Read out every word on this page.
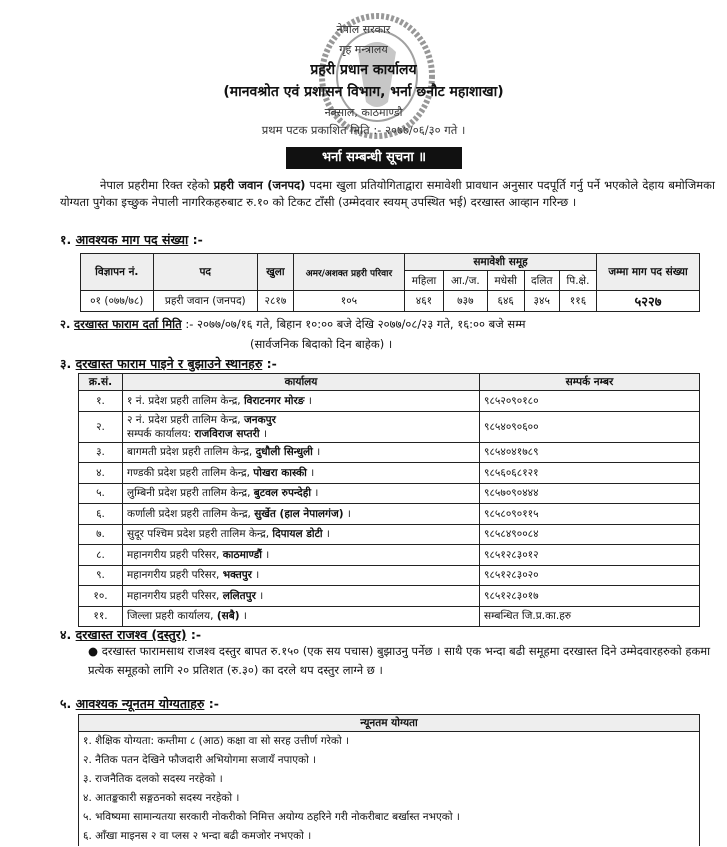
नेपाल सरकार
गृह मन्त्रालय
प्रहरी प्रधान कार्यालय
(मानवश्रोत एवं प्रशासन विभाग, भर्ना छनौट महाशाखा)
नक्साल, काठमाण्डौ
प्रथम पटक प्रकाशित मिति :- २०७७/०६/३० गते ।
भर्ना सम्बन्धी सूचना ॥
नेपाल प्रहरीमा रिक्त रहेको प्रहरी जवान (जनपद) पदमा खुला प्रतियोगिताद्वारा समावेशी प्रावधान अनुसार पदपूर्ति गर्नु पर्ने भएकोले देहाय बमोजिमका योग्यता पुगेका इच्छुक नेपाली नागरिकहरुबाट रु.१० को टिकट टाँसी (उम्मेदवार स्वयम् उपस्थित भई) दरखास्त आव्हान गरिन्छ ।
१. आवश्यक माग पद संख्या :-
विज्ञापन नं.	पद	खुला	अमर/अशक्त प्रहरी परिवार	समावेशी समूह					जम्मा माग पद संख्या
				महिला	आ./ज.	मधेसी	दलित	पि.क्षे.	
०१ (०७७/७८)	प्रहरी जवान (जनपद)	२८१७	१०५	४६१	७३७	६४६	३४५	११६	५२२७
२. दरखास्त फाराम दर्ता मिति :- २०७७/०७/१६ गते, बिहान १०:०० बजे देखि २०७७/०८/२३ गते, १६:०० बजे सम्म
(सार्वजनिक बिदाको दिन बाहेक) ।
३. दरखास्त फाराम पाइने र बुझाउने स्थानहरु :-
क्र.सं.	कार्यालय	सम्पर्क नम्बर
१.	१ नं. प्रदेश प्रहरी तालिम केन्द्र, विराटनगर मोरङ ।	९८५२०९०१८०
२.	२ नं. प्रदेश प्रहरी तालिम केन्द्र, जनकपुर
सम्पर्क कार्यालय: राजविराज सप्तरी ।	९८५४०९०६००
३.	बागमती प्रदेश प्रहरी तालिम केन्द्र, दुधौली सिन्धुली ।	९८५४०४१७८९
४.	गण्डकी प्रदेश प्रहरी तालिम केन्द्र, पोखरा कास्की ।	९८५६०६८१२१
५.	लुम्बिनी प्रदेश प्रहरी तालिम केन्द्र, बुटवल रुपन्देही ।	९८५७०९०४४४
६.	कर्णाली प्रदेश प्रहरी तालिम केन्द्र, सुर्खेत (हाल नेपालगंज) ।	९८५८०९०११५
७.	सुदूर पश्चिम प्रदेश प्रहरी तालिम केन्द्र, दिपायल डोटी ।	९८५८४९००८४
८.	महानगरीय प्रहरी परिसर, काठमाण्डौं ।	९८५१२८३०१२
९.	महानगरीय प्रहरी परिसर, भक्तपुर ।	९८५१२८३०२०
१०.	महानगरीय प्रहरी परिसर, ललितपुर ।	९८५१२८३०१७
११.	जिल्ला प्रहरी कार्यालय, (सबै) ।	सम्बन्धित जि.प्र.का.हरु
४. दरखास्त राजश्व (दस्तुर) :-
● दरखास्त फारामसाथ राजश्व दस्तुर बापत रु.१५० (एक सय पचास) बुझाउनु पर्नेछ । साथै एक भन्दा बढी समूहमा दरखास्त दिने उम्मेदवारहरुको हकमा प्रत्येक समूहको लागि २० प्रतिशत (रु.३०) का दरले थप दस्तुर लाग्ने छ ।
५. आवश्यक न्यूनतम योग्यताहरु :-
न्यूनतम योग्यता
१. शैक्षिक योग्यता: कम्तीमा ८ (आठ) कक्षा वा सो सरह उत्तीर्ण गरेको ।
२. नैतिक पतन देखिने फौजदारी अभियोगमा सजायँ नपाएको ।
३. राजनैतिक दलको सदस्य नरहेको ।
४. आतङ्ककारी सङ्गठनको सदस्य नरहेको ।
५. भविष्यमा सामान्यतया सरकारी नोकरीको निमित्त अयोग्य ठहरिने गरी नोकरीबाट बर्खास्त नभएको ।
६. आँखा माइनस २ वा प्लस २ भन्दा बढी कमजोर नभएको ।
